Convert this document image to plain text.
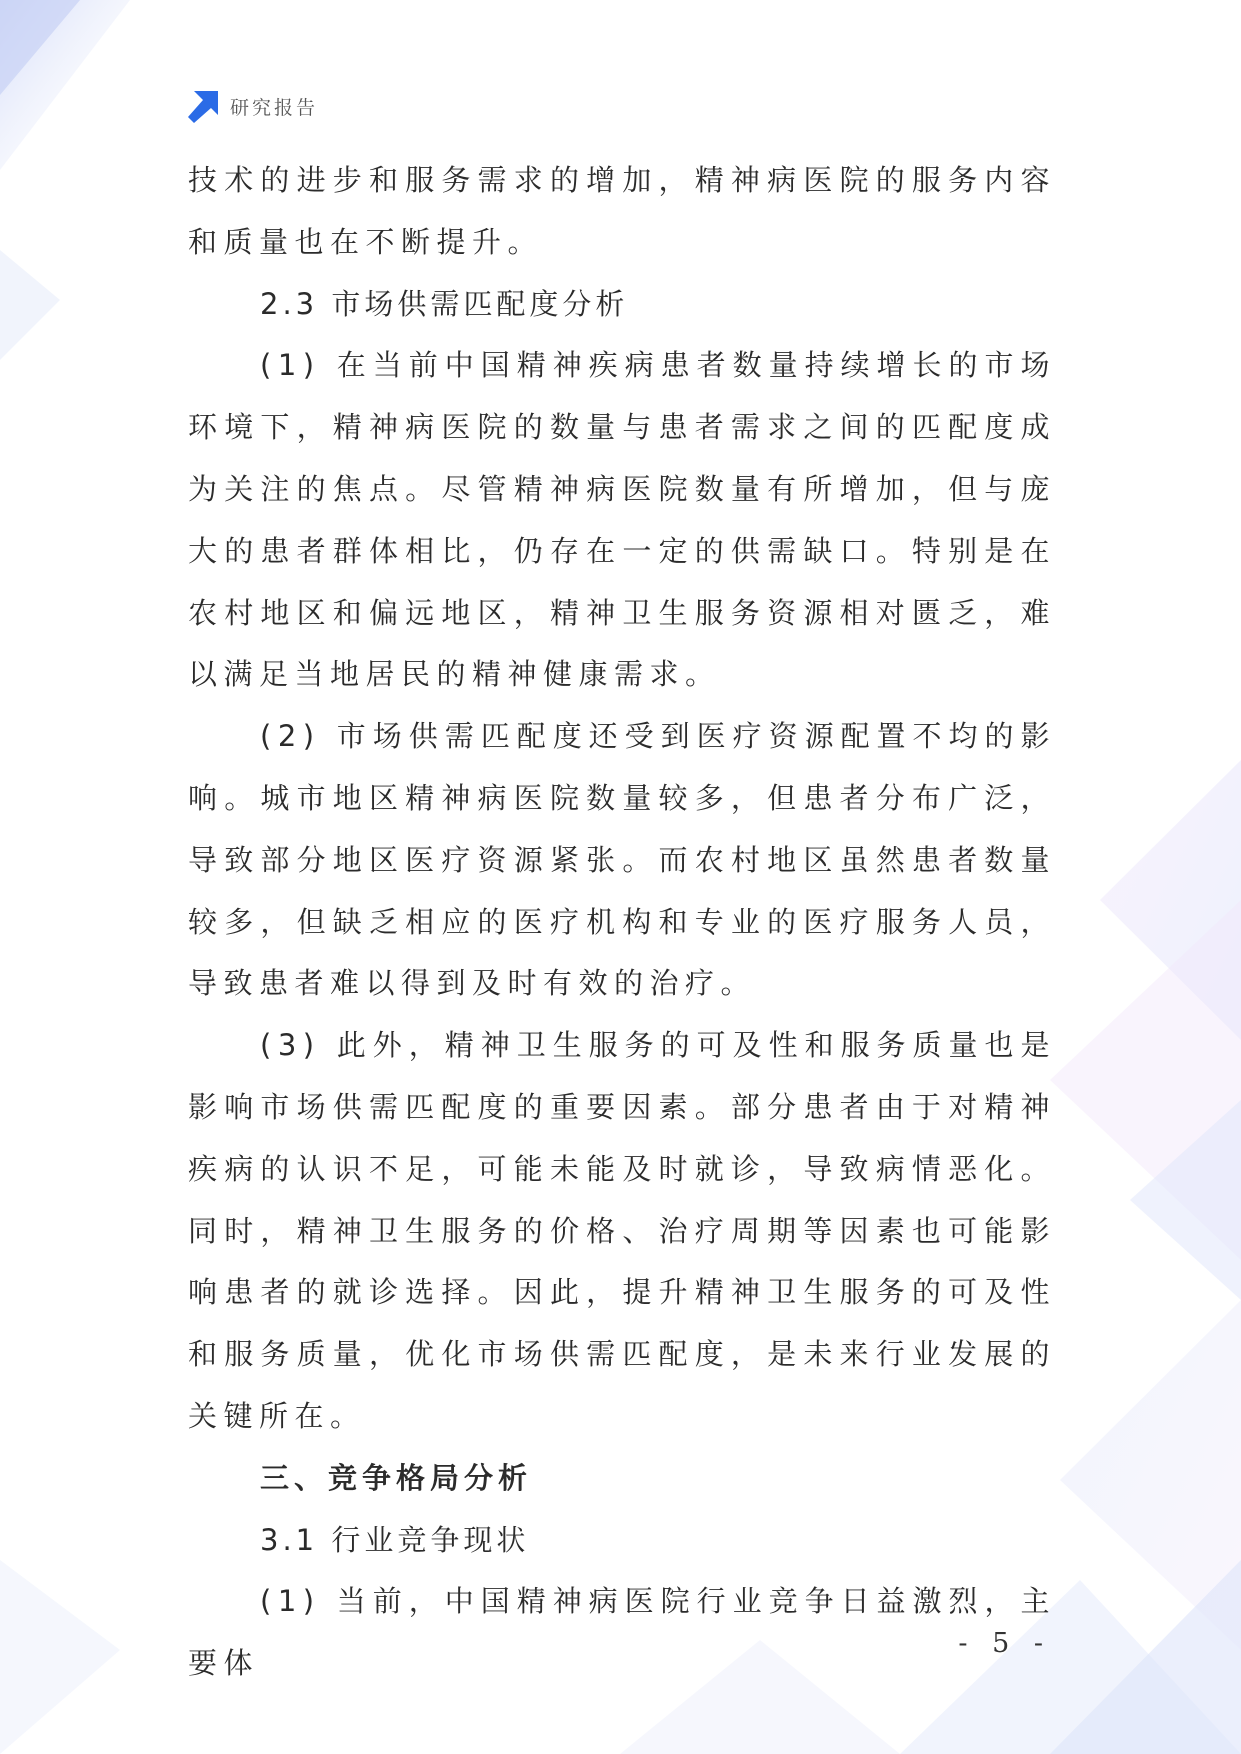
研究报告

技术的进步和服务需求的增加，精神病医院的服务内容和质量也在不断提升。

2.3 市场供需匹配度分析

(1) 在当前中国精神疾病患者数量持续增长的市场环境下，精神病医院的数量与患者需求之间的匹配度成为关注的焦点。尽管精神病医院数量有所增加，但与庞大的患者群体相比，仍存在一定的供需缺口。特别是在农村地区和偏远地区，精神卫生服务资源相对匮乏，难以满足当地居民的精神健康需求。

(2) 市场供需匹配度还受到医疗资源配置不均的影响。城市地区精神病医院数量较多，但患者分布广泛，导致部分地区医疗资源紧张。而农村地区虽然患者数量较多，但缺乏相应的医疗机构和专业的医疗服务人员，导致患者难以得到及时有效的治疗。

(3) 此外，精神卫生服务的可及性和服务质量也是影响市场供需匹配度的重要因素。部分患者由于对精神疾病的认识不足，可能未能及时就诊，导致病情恶化。同时，精神卫生服务的价格、治疗周期等因素也可能影响患者的就诊选择。因此，提升精神卫生服务的可及性和服务质量，优化市场供需匹配度，是未来行业发展的关键所在。

三、竞争格局分析

3.1 行业竞争现状

(1) 当前，中国精神病医院行业竞争日益激烈，主要体

- 5 -
